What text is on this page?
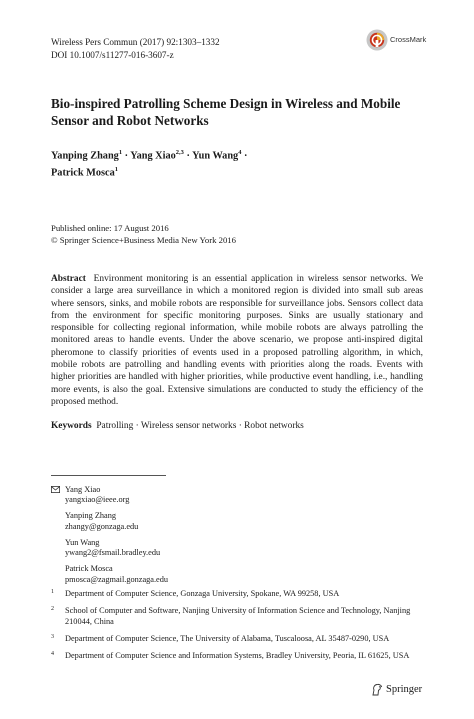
Wireless Pers Commun (2017) 92:1303–1332
DOI 10.1007/s11277-016-3607-z
CrossMark
Bio-inspired Patrolling Scheme Design in Wireless and Mobile Sensor and Robot Networks
Yanping Zhang$^1$ · Yang Xiao$^{2,3}$ · Yun Wang$^4$ ·
Patrick Mosca$^1$
Published online: 17 August 2016
© Springer Science+Business Media New York 2016
Abstract Environment monitoring is an essential application in wireless sensor networks. We consider a large area surveillance in which a monitored region is divided into small sub areas where sensors, sinks, and mobile robots are responsible for surveillance jobs. Sensors collect data from the environment for specific monitoring purposes. Sinks are usually stationary and responsible for collecting regional information, while mobile robots are always patrolling the monitored areas to handle events. Under the above scenario, we propose anti-inspired digital pheromone to classify priorities of events used in a proposed patrolling algorithm, in which, mobile robots are patrolling and handling events with priorities along the roads. Events with higher priorities are handled with higher priorities, while productive event handling, i.e., handling more events, is also the goal. Extensive simulations are conducted to study the efficiency of the proposed method.
Keywords Patrolling · Wireless sensor networks · Robot networks
Yang Xiao
yangxiao@ieee.org
Yanping Zhang
zhangy@gonzaga.edu
Yun Wang
ywang2@fsmail.bradley.edu
Patrick Mosca
pmosca@zagmail.gonzaga.edu
1 Department of Computer Science, Gonzaga University, Spokane, WA 99258, USA
2 School of Computer and Software, Nanjing University of Information Science and Technology, Nanjing 210044, China
3 Department of Computer Science, The University of Alabama, Tuscaloosa, AL 35487-0290, USA
4 Department of Computer Science and Information Systems, Bradley University, Peoria, IL 61625, USA
Springer
